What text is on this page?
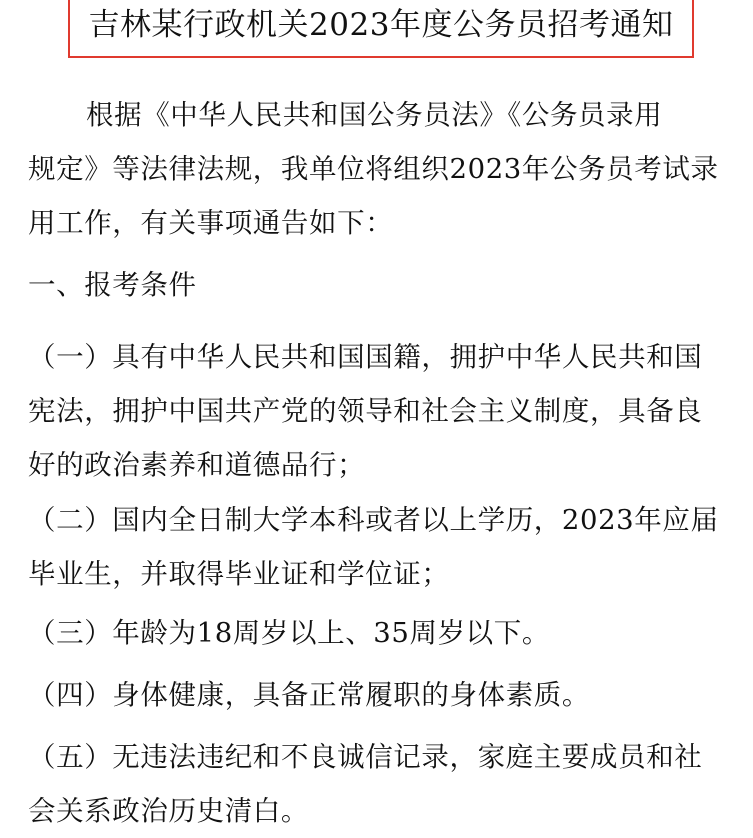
吉林某行政机关2023年度公务员招考通知
根据《中华人民共和国公务员法》《公务员录用
规定》等法律法规，我单位将组织2023年公务员考试录
用工作，有关事项通告如下：
一、报考条件
（一）具有中华人民共和国国籍，拥护中华人民共和国
宪法，拥护中国共产党的领导和社会主义制度，具备良
好的政治素养和道德品行；
（二）国内全日制大学本科或者以上学历，2023年应届
毕业生，并取得毕业证和学位证；
（三）年龄为18周岁以上、35周岁以下。
（四）身体健康，具备正常履职的身体素质。
（五）无违法违纪和不良诚信记录，家庭主要成员和社
会关系政治历史清白。
